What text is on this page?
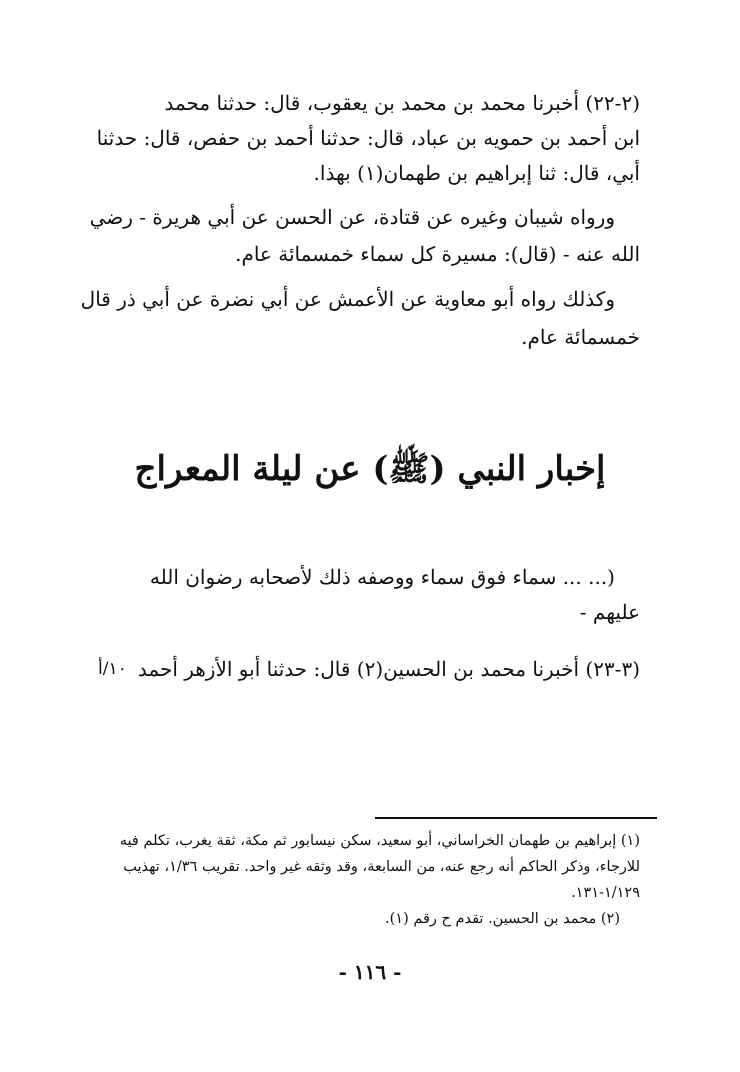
(٢-٢٢) أخبرنا محمد بن محمد بن يعقوب، قال: حدثنا محمد
ابن أحمد بن حمويه بن عباد، قال: حدثنا أحمد بن حفص، قال: حدثنا
أبي، قال: ثنا إبراهيم بن طهمان(١) بهذا.
ورواه شيبان وغيره عن قتادة، عن الحسن عن أبي هريرة - رضي
الله عنه - (قال): مسيرة كل سماء خمسمائة عام.
وكذلك رواه أبو معاوية عن الأعمش عن أبي نضرة عن أبي ذر قال
خمسمائة عام.
إخبار النبي (ﷺ) عن ليلة المعراج
(... ... سماء فوق سماء ووصفه ذلك لأصحابه رضوان الله
عليهم -
(٣-٢٣) أخبرنا محمد بن الحسين(٢) قال: حدثنا أبو الأزهر أحمد
١٠/أ
(١) إبراهيم بن طهمان الخراساني، أبو سعيد، سكن نيسابور ثم مكة، ثقة يغرب، تكلم فيه
للارجاء، وذكر الحاكم أنه رجع عنه، من السابعة، وقد وثقه غير واحد. تقريب ١/٣٦، تهذيب
١/١٢٩-١٣١.
(٢) محمد بن الحسين. تقدم ح رقم (١).
- ١١٦ -
